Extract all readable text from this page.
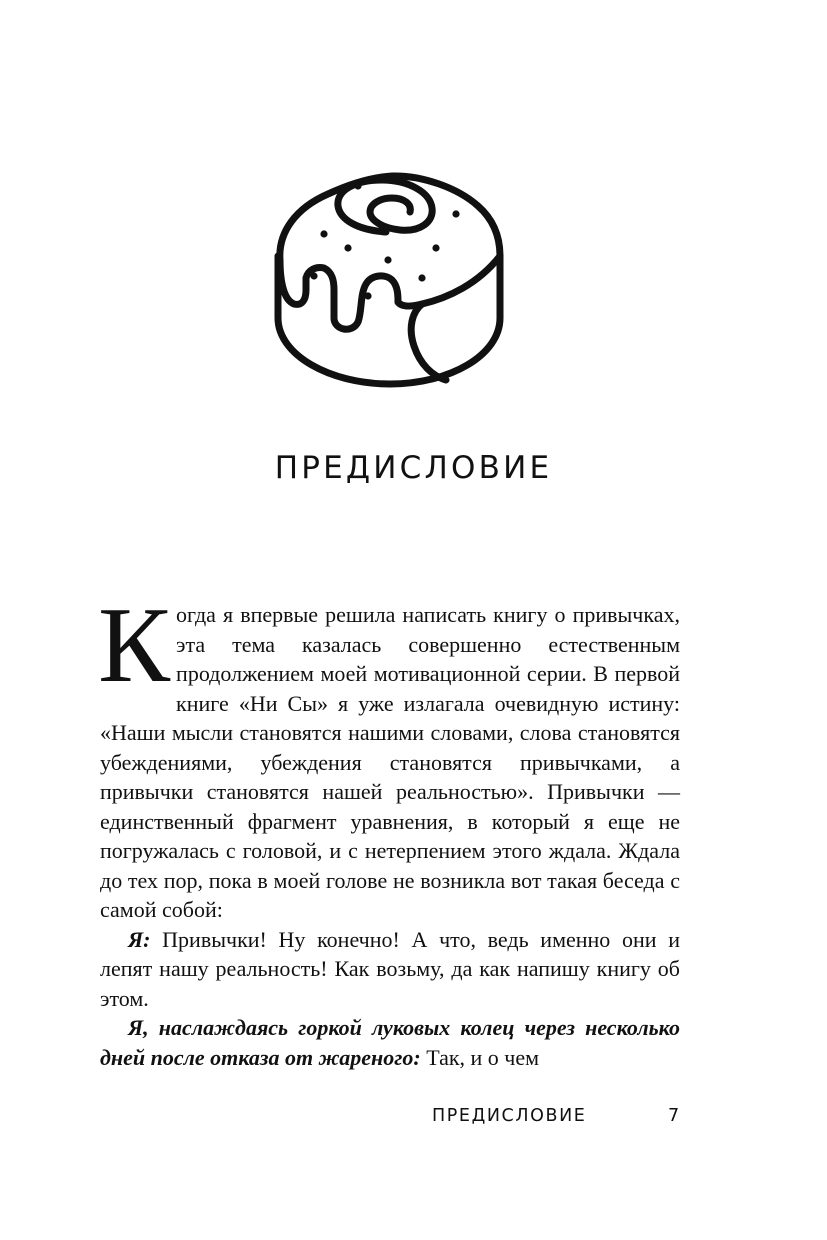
ПРЕДИСЛОВИЕ

Когда я впервые решила написать книгу о привычках, эта тема казалась совершенно естественным продолжением моей мотивационной серии. В первой книге «Ни Сы» я уже излагала очевидную истину: «Наши мысли становятся нашими словами, слова становятся убеждениями, убеждения становятся привычками, а привычки становятся нашей реальностью». Привычки — единственный фрагмент уравнения, в который я еще не погружалась с головой, и с нетерпением этого ждала. Ждала до тех пор, пока в моей голове не возникла вот такая беседа с самой собой:

Я: Привычки! Ну конечно! А что, ведь именно они и лепят нашу реальность! Как возьму, да как напишу книгу об этом.

Я, наслаждаясь горкой луковых колец через несколько дней после отказа от жареного: Так, и о чем

ПРЕДИСЛОВИЕ	7
